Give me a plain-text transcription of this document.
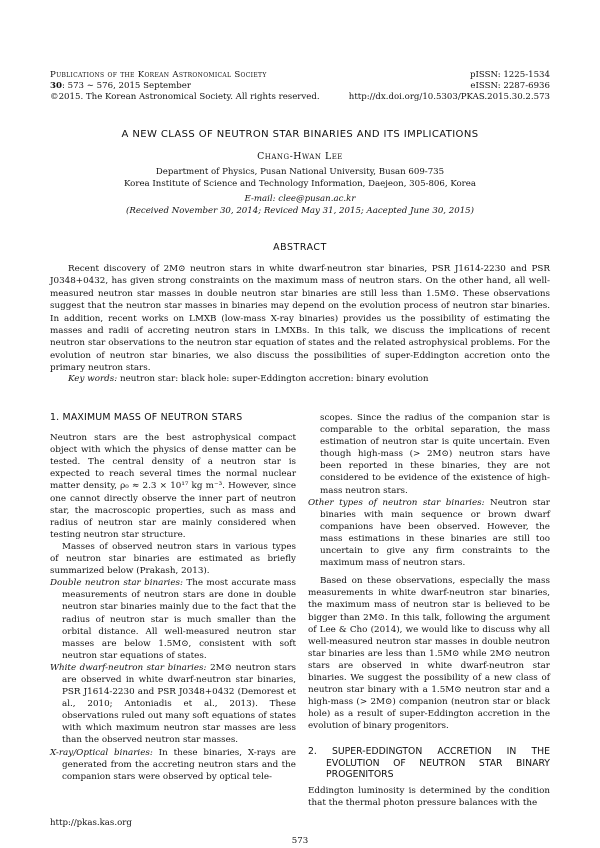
Publications of the Korean Astronomical Society
30: 573 ∼ 576, 2015 September
©2015. The Korean Astronomical Society. All rights reserved.
pISSN: 1225-1534
eISSN: 2287-6936
http://dx.doi.org/10.5303/PKAS.2015.30.2.573
A NEW CLASS OF NEUTRON STAR BINARIES AND ITS IMPLICATIONS
Chang-Hwan Lee
Department of Physics, Pusan National University, Busan 609-735
Korea Institute of Science and Technology Information, Daejeon, 305-806, Korea
E-mail: clee@pusan.ac.kr
(Received November 30, 2014; Reviced May 31, 2015; Aacepted June 30, 2015)
ABSTRACT
Recent discovery of 2M⊙ neutron stars in white dwarf-neutron star binaries, PSR J1614-2230 and PSR J0348+0432, has given strong constraints on the maximum mass of neutron stars. On the other hand, all well-measured neutron star masses in double neutron star binaries are still less than 1.5M⊙. These observations suggest that the neutron star masses in binaries may depend on the evolution process of neutron star binaries. In addition, recent works on LMXB (low-mass X-ray binaries) provides us the possibility of estimating the masses and radii of accreting neutron stars in LMXBs. In this talk, we discuss the implications of recent neutron star observations to the neutron star equation of states and the related astrophysical problems. For the evolution of neutron star binaries, we also discuss the possibilities of super-Eddington accretion onto the primary neutron stars.
Key words: neutron star: black hole: super-Eddington accretion: binary evolution
1. MAXIMUM MASS OF NEUTRON STARS

Neutron stars are the best astrophysical compact object with which the physics of dense matter can be tested. The central density of a neutron star is expected to reach several times the normal nuclear matter density, ρ₀ ≈ 2.3 × 10¹⁷ kg m⁻³. However, since one cannot directly observe the inner part of neutron star, the macroscopic properties, such as mass and radius of neutron star are mainly considered when testing neutron star structure.

Masses of observed neutron stars in various types of neutron star binaries are estimated as briefly summarized below (Prakash, 2013).

Double neutron star binaries: The most accurate mass measurements of neutron stars are done in double neutron star binaries mainly due to the fact that the radius of neutron star is much smaller than the orbital distance. All well-measured neutron star masses are below 1.5M⊙, consistent with soft neutron star equations of states.

White dwarf-neutron star binaries: 2M⊙ neutron stars are observed in white dwarf-neutron star binaries, PSR J1614-2230 and PSR J0348+0432 (Demorest et al., 2010; Antoniadis et al., 2013). These observations ruled out many soft equations of states with which maximum neutron star masses are less than the observed neutron star masses.

X-ray/Optical binaries: In these binaries, X-rays are generated from the accreting neutron stars and the companion stars were observed by optical tele-

scopes. Since the radius of the companion star is comparable to the orbital separation, the mass estimation of neutron star is quite uncertain. Even though high-mass (> 2M⊙) neutron stars have been reported in these binaries, they are not considered to be evidence of the existence of high-mass neutron stars.

Other types of neutron star binaries: Neutron star binaries with main sequence or brown dwarf companions have been observed. However, the mass estimations in these binaries are still too uncertain to give any firm constraints to the maximum mass of neutron stars.

Based on these observations, especially the mass measurements in white dwarf-neutron star binaries, the maximum mass of neutron star is believed to be bigger than 2M⊙. In this talk, following the argument of Lee & Cho (2014), we would like to discuss why all well-measured neutron star masses in double neutron star binaries are less than 1.5M⊙ while 2M⊙ neutron stars are observed in white dwarf-neutron star binaries. We suggest the possibility of a new class of neutron star binary with a 1.5M⊙ neutron star and a high-mass (> 2M⊙) companion (neutron star or black hole) as a result of super-Eddington accretion in the evolution of binary progenitors.

2. SUPER-EDDINGTON ACCRETION IN THE EVOLUTION OF NEUTRON STAR BINARY PROGENITORS

Eddington luminosity is determined by the condition that the thermal photon pressure balances with the

http://pkas.kas.org
573
